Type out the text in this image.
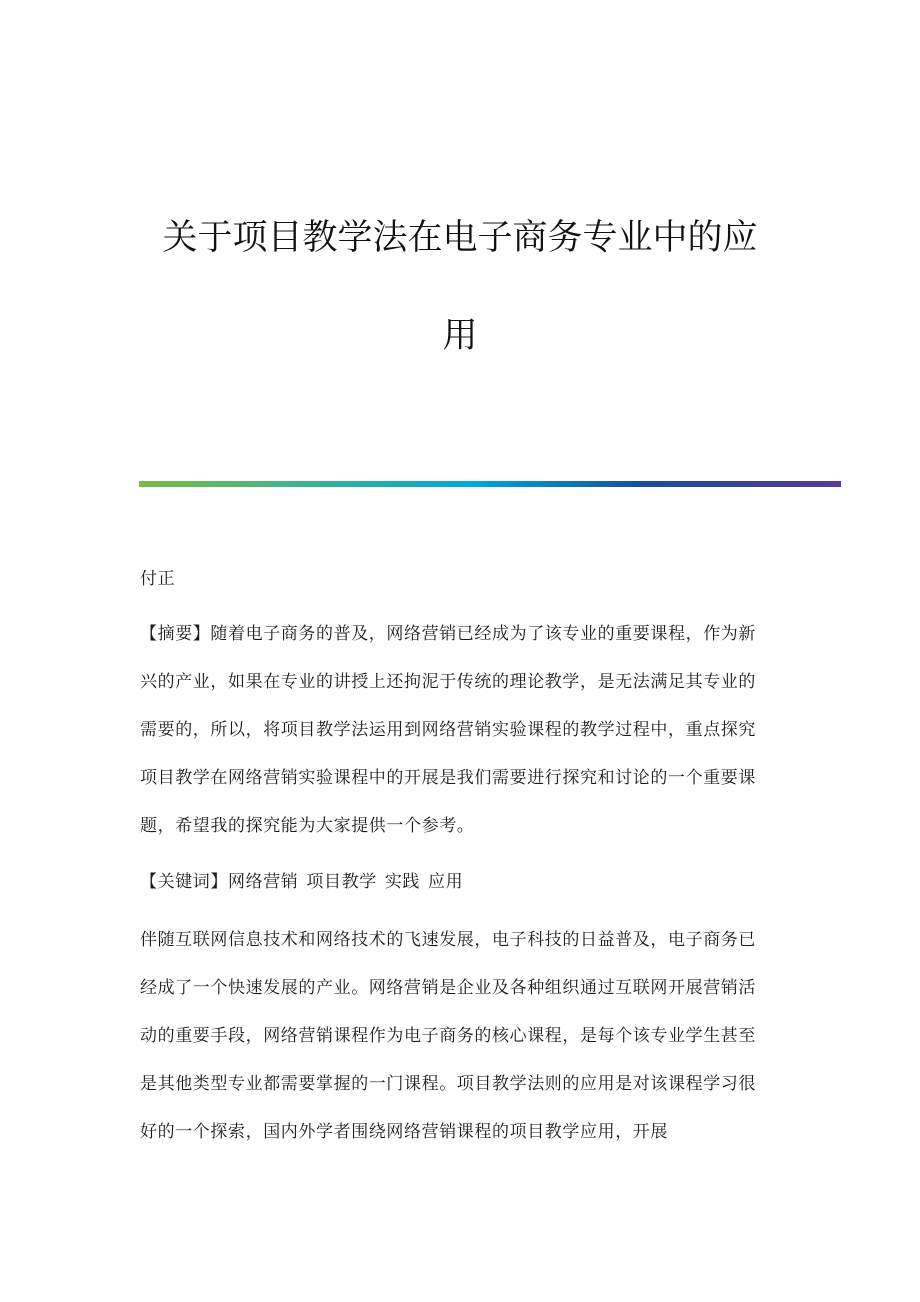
关于项目教学法在电子商务专业中的应
用

付正

【摘要】随着电子商务的普及，网络营销已经成为了该专业的重要课程，作为新兴的产业，如果在专业的讲授上还拘泥于传统的理论教学，是无法满足其专业的需要的，所以，将项目教学法运用到网络营销实验课程的教学过程中，重点探究项目教学在网络营销实验课程中的开展是我们需要进行探究和讨论的一个重要课题，希望我的探究能为大家提供一个参考。

【关键词】网络营销 项目教学 实践 应用

伴随互联网信息技术和网络技术的飞速发展，电子科技的日益普及，电子商务已经成了一个快速发展的产业。网络营销是企业及各种组织通过互联网开展营销活动的重要手段，网络营销课程作为电子商务的核心课程，是每个该专业学生甚至是其他类型专业都需要掌握的一门课程。项目教学法则的应用是对该课程学习很好的一个探索，国内外学者围绕网络营销课程的项目教学应用，开展
